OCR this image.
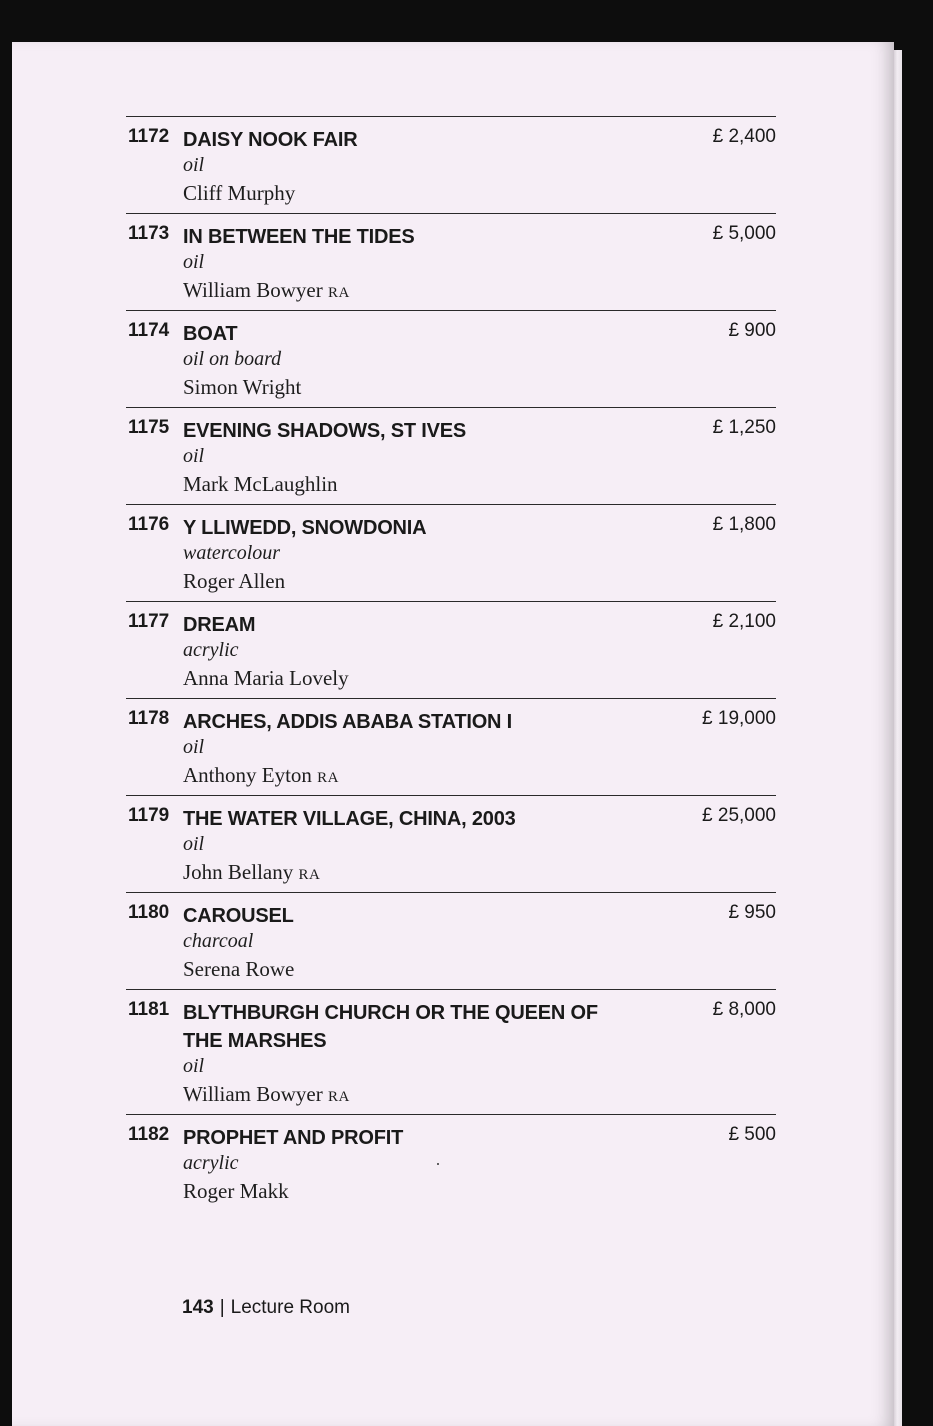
1172 DAISY NOOK FAIR
oil
Cliff Murphy
£ 2,400
1173 IN BETWEEN THE TIDES
oil
William Bowyer RA
£ 5,000
1174 BOAT
oil on board
Simon Wright
£ 900
1175 EVENING SHADOWS, ST IVES
oil
Mark McLaughlin
£ 1,250
1176 Y LLIWEDD, SNOWDONIA
watercolour
Roger Allen
£ 1,800
1177 DREAM
acrylic
Anna Maria Lovely
£ 2,100
1178 ARCHES, ADDIS ABABA STATION I
oil
Anthony Eyton RA
£ 19,000
1179 THE WATER VILLAGE, CHINA, 2003
oil
John Bellany RA
£ 25,000
1180 CAROUSEL
charcoal
Serena Rowe
£ 950
1181 BLYTHBURGH CHURCH OR THE QUEEN OF THE MARSHES
oil
William Bowyer RA
£ 8,000
1182 PROPHET AND PROFIT
acrylic
Roger Makk
£ 500
143 | Lecture Room
